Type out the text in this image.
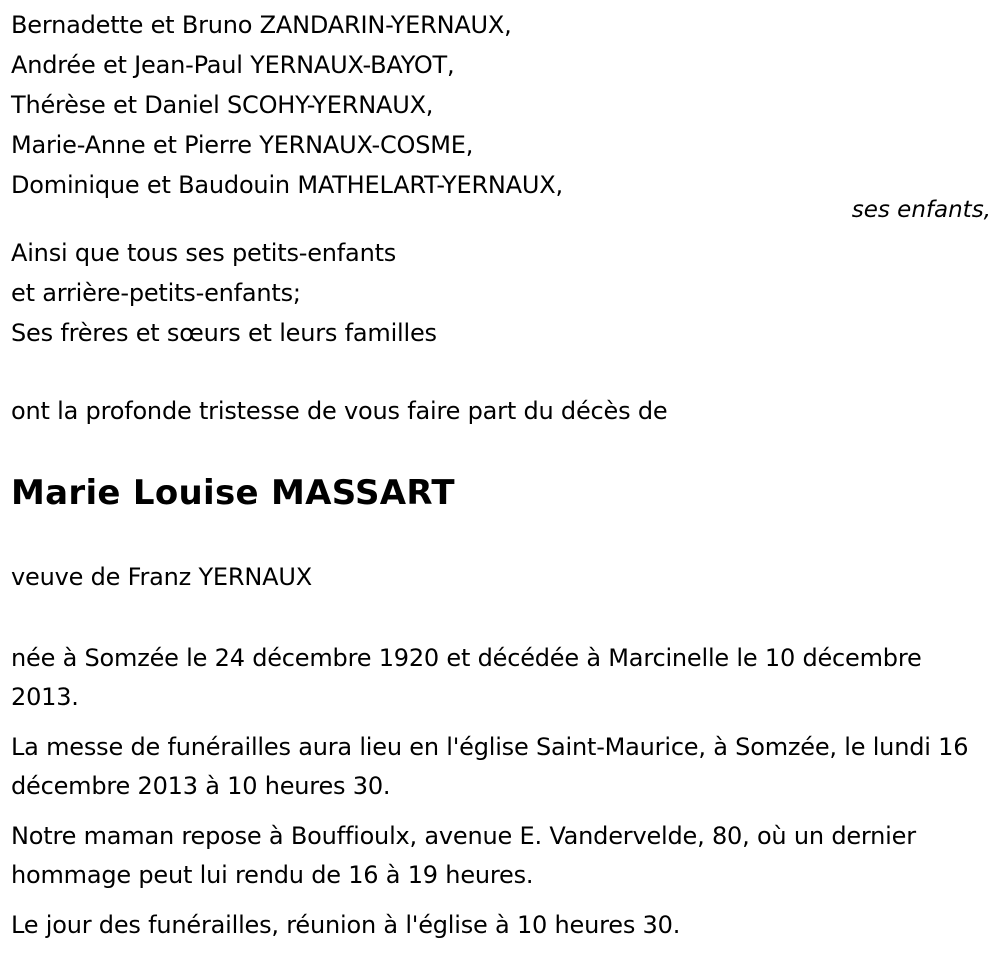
Bernadette et Bruno ZANDARIN-YERNAUX,
Andrée et Jean-Paul YERNAUX-BAYOT,
Thérèse et Daniel SCOHY-YERNAUX,
Marie-Anne et Pierre YERNAUX-COSME,
Dominique et Baudouin MATHELART-YERNAUX,
ses enfants,
Ainsi que tous ses petits-enfants
et arrière-petits-enfants;
Ses frères et sœurs et leurs familles
ont la profonde tristesse de vous faire part du décès de
Marie Louise MASSART
veuve de Franz YERNAUX
née à Somzée le 24 décembre 1920 et décédée à Marcinelle le 10 décembre 2013.
La messe de funérailles aura lieu en l'église Saint-Maurice, à Somzée, le lundi 16 décembre 2013 à 10 heures 30.
Notre maman repose à Bouffioulx, avenue E. Vandervelde, 80, où un dernier hommage peut lui rendu de 16 à 19 heures.
Le jour des funérailles, réunion à l'église à 10 heures 30.
